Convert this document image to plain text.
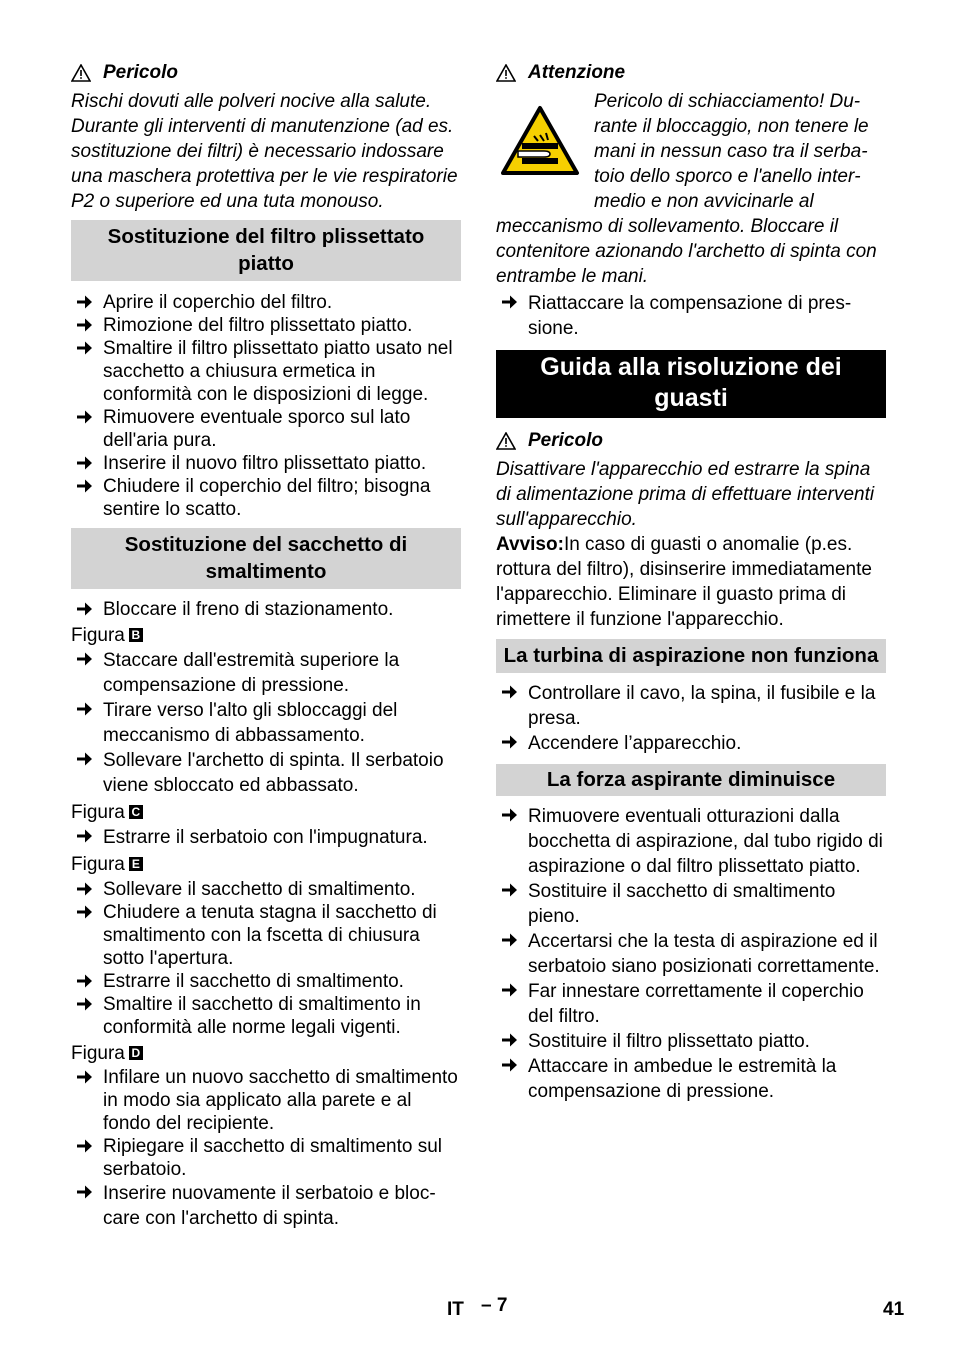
Pericolo
Rischi dovuti alle polveri nocive alla salute. Durante gli interventi di manutenzione (ad es. sostituzione dei filtri) è necessario indossare una maschera protettiva per le vie respiratorie P2 o superiore ed una tuta monouso.
Sostituzione del filtro plissettato piatto
Aprire il coperchio del filtro.
Rimozione del filtro plissettato piatto.
Smaltire il filtro plissettato piatto usato nel sacchetto a chiusura ermetica in conformità con le disposizioni di legge.
Rimuovere eventuale sporco sul lato dell'aria pura.
Inserire il nuovo filtro plissettato piatto.
Chiudere il coperchio del filtro; bisogna sentire lo scatto.
Sostituzione del sacchetto di smaltimento
Bloccare il freno di stazionamento.
Figura B
Staccare dall'estremità superiore la compensazione di pressione.
Tirare verso l'alto gli sbloccaggi del meccanismo di abbassamento.
Sollevare l'archetto di spinta. Il serbatoio viene sbloccato ed abbassato.
Figura C
Estrarre il serbatoio con l'impugnatura.
Figura E
Sollevare il sacchetto di smaltimento.
Chiudere a tenuta stagna il sacchetto di smaltimento con la fscetta di chiusura sotto l'apertura.
Estrarre il sacchetto di smaltimento.
Smaltire il sacchetto di smaltimento in conformità alle norme legali vigenti.
Figura D
Infilare un nuovo sacchetto di smaltimento in modo sia applicato alla parete e al fondo del recipiente.
Ripiegare il sacchetto di smaltimento sul serbatoio.
Inserire nuovamente il serbatoio e bloccare con l'archetto di spinta.
Attenzione
Pericolo di schiacciamento! Durante il bloccaggio, non tenere le mani in nessun caso tra il serbatoio dello sporco e l'anello intermedio e non avvicinarle al meccanismo di sollevamento. Bloccare il contenitore azionando l'archetto di spinta con entrambe le mani.
Riattaccare la compensazione di pressione.
Guida alla risoluzione dei guasti
Pericolo
Disattivare l'apparecchio ed estrarre la spina di alimentazione prima di effettuare interventi sull'apparecchio.
Avviso:In caso di guasti o anomalie (p.es. rottura del filtro), disinserire immediatamente l'apparecchio. Eliminare il guasto prima di rimettere il funzione l'apparecchio.
La turbina di aspirazione non funziona
Controllare il cavo, la spina, il fusibile e la presa.
Accendere l’apparecchio.
La forza aspirante diminuisce
Rimuovere eventuali otturazioni dalla bocchetta di aspirazione, dal tubo rigido di aspirazione o dal filtro plissettato piatto.
Sostituire il sacchetto di smaltimento pieno.
Accertarsi che la testa di aspirazione ed il serbatoio siano posizionati correttamente.
Far innestare correttamente il coperchio del filtro.
Sostituire il filtro plissettato piatto.
Attaccare in ambedue le estremità la compensazione di pressione.
IT – 7	41
